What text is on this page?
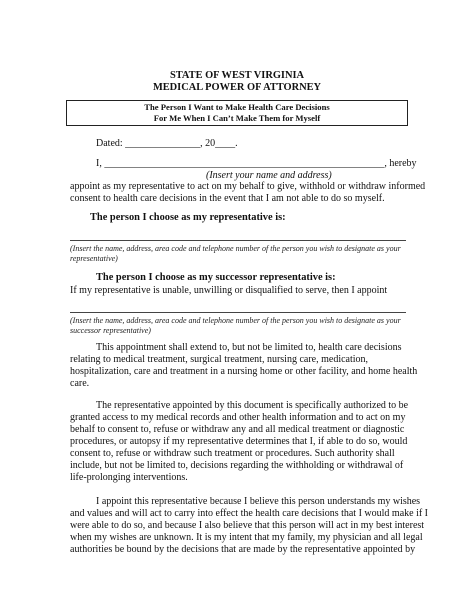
STATE OF WEST VIRGINIA
MEDICAL POWER OF ATTORNEY
The Person I Want to Make Health Care Decisions
For Me When I Can’t Make Them for Myself
Dated: _______________, 20____.
I, ________________________________________________________, hereby
(Insert your name and address)
appoint as my representative to act on my behalf to give, withhold or withdraw informed
consent to health care decisions in the event that I am not able to do so myself.
The person I choose as my representative is:
(Insert the name, address, area code and telephone number of the person you wish to designate as your
representative)
The person I choose as my successor representative is:
If my representative is unable, unwilling or disqualified to serve, then I appoint
(Insert the name, address, area code and telephone number of the person you wish to designate as your
successor representative)
This appointment shall extend to, but not be limited to, health care decisions
relating to medical treatment, surgical treatment, nursing care, medication,
hospitalization, care and treatment in a nursing home or other facility, and home health
care.
The representative appointed by this document is specifically authorized to be
granted access to my medical records and other health information and to act on my
behalf to consent to, refuse or withdraw any and all medical treatment or diagnostic
procedures, or autopsy if my representative determines that I, if able to do so, would
consent to, refuse or withdraw such treatment or procedures. Such authority shall
include, but not be limited to, decisions regarding the withholding or withdrawal of
life-prolonging interventions.
I appoint this representative because I believe this person understands my wishes
and values and will act to carry into effect the health care decisions that I would make if I
were able to do so, and because I also believe that this person will act in my best interest
when my wishes are unknown. It is my intent that my family, my physician and all legal
authorities be bound by the decisions that are made by the representative appointed by
